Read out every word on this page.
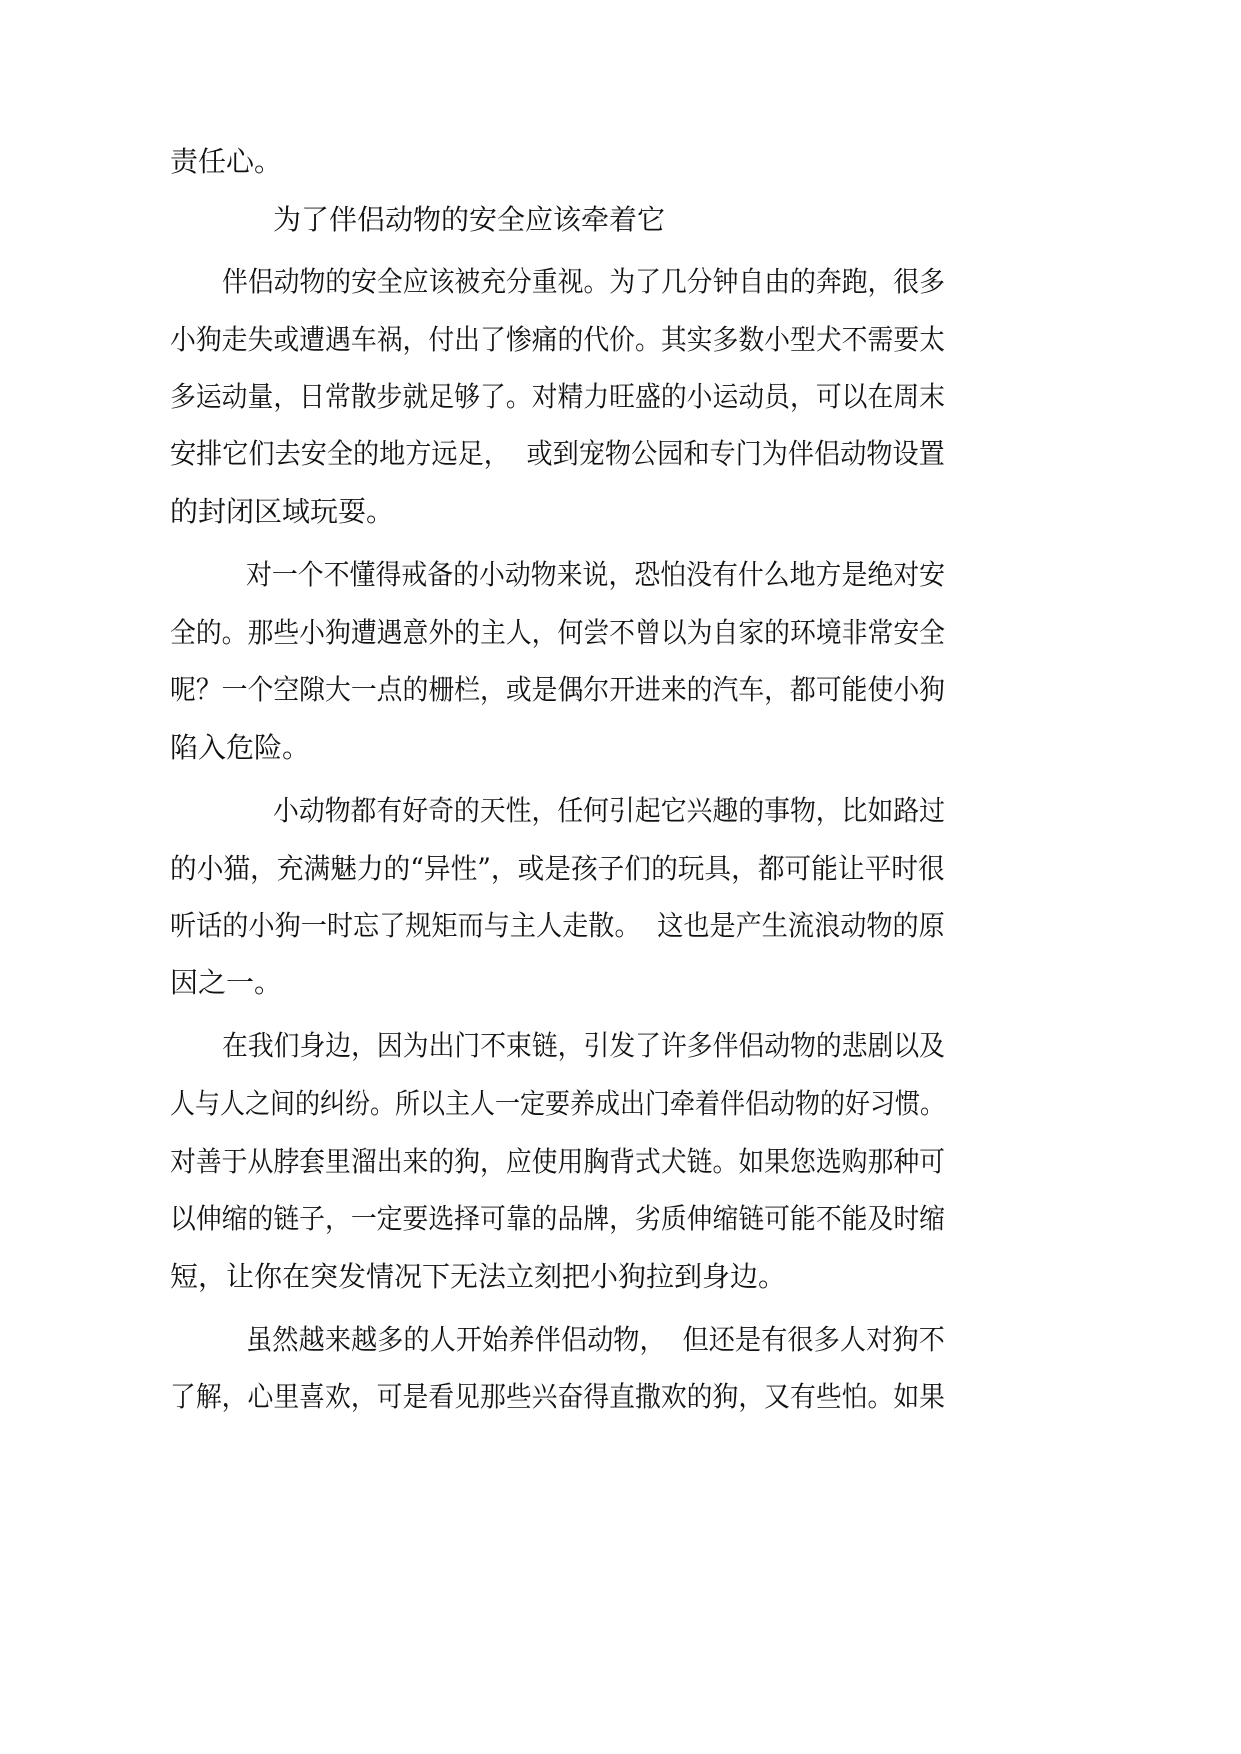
责任心。

为了伴侣动物的安全应该牵着它

伴侣动物的安全应该被充分重视。为了几分钟自由的奔跑，很多

小狗走失或遭遇车祸，付出了惨痛的代价。其实多数小型犬不需要太

多运动量，日常散步就足够了。对精力旺盛的小运动员，可以在周末

安排它们去安全的地方远足，  或到宠物公园和专门为伴侣动物设置

的封闭区域玩耍。

对一个不懂得戒备的小动物来说，恐怕没有什么地方是绝对安

全的。那些小狗遭遇意外的主人，何尝不曾以为自家的环境非常安全

呢？一个空隙大一点的栅栏，或是偶尔开进来的汽车，都可能使小狗

陷入危险。

小动物都有好奇的天性，任何引起它兴趣的事物，比如路过

的小猫，充满魅力的“异性”，或是孩子们的玩具，都可能让平时很

听话的小狗一时忘了规矩而与主人走散。  这也是产生流浪动物的原

因之一。

在我们身边，因为出门不束链，引发了许多伴侣动物的悲剧以及

人与人之间的纠纷。所以主人一定要养成出门牵着伴侣动物的好习惯。

对善于从脖套里溜出来的狗，应使用胸背式犬链。如果您选购那种可

以伸缩的链子，一定要选择可靠的品牌，劣质伸缩链可能不能及时缩

短，让你在突发情况下无法立刻把小狗拉到身边。

虽然越来越多的人开始养伴侣动物，  但还是有很多人对狗不

了解，心里喜欢，可是看见那些兴奋得直撒欢的狗，又有些怕。如果
